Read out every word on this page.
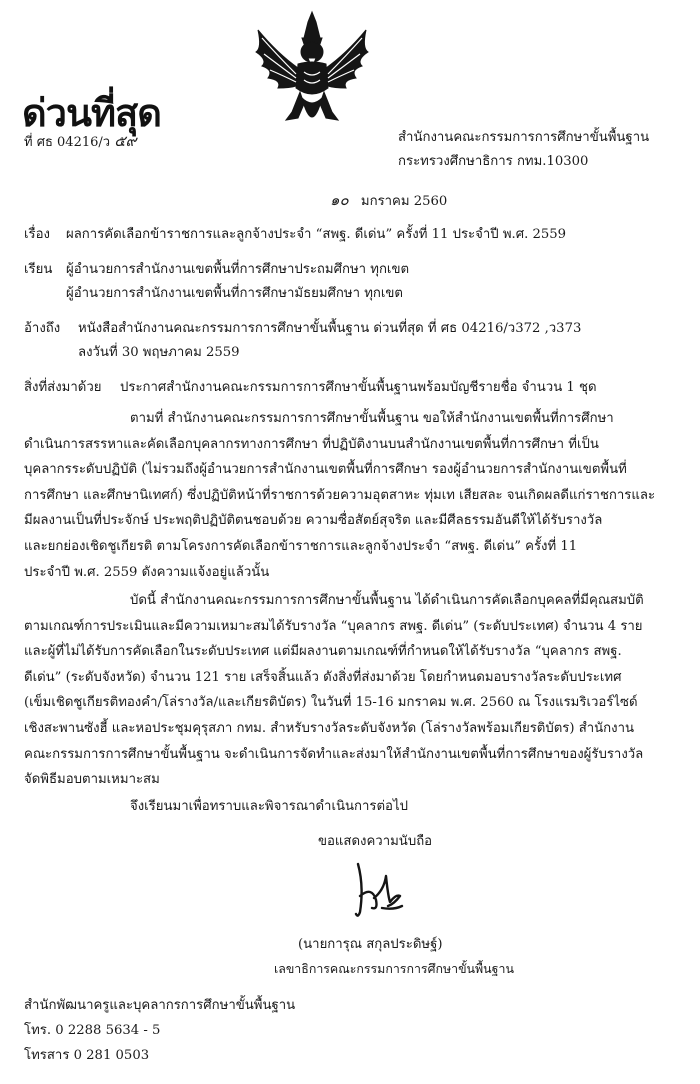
ด่วนที่สุด
ที่ ศธ 04216/ว ๕๙	สำนักงานคณะกรรมการการศึกษาขั้นพื้นฐาน
กระทรวงศึกษาธิการ กทม.10300
๑๐ มกราคม 2560
เรื่อง ผลการคัดเลือกข้าราชการและลูกจ้างประจำ “สพฐ. ดีเด่น” ครั้งที่ 11 ประจำปี พ.ศ. 2559
เรียน ผู้อำนวยการสำนักงานเขตพื้นที่การศึกษาประถมศึกษา ทุกเขต
ผู้อำนวยการสำนักงานเขตพื้นที่การศึกษามัธยมศึกษา ทุกเขต
อ้างถึง หนังสือสำนักงานคณะกรรมการการศึกษาขั้นพื้นฐาน ด่วนที่สุด ที่ ศธ 04216/ว372 ,ว373
ลงวันที่ 30 พฤษภาคม 2559
สิ่งที่ส่งมาด้วย ประกาศสำนักงานคณะกรรมการการศึกษาขั้นพื้นฐานพร้อมบัญชีรายชื่อ จำนวน 1 ชุด
ตามที่ สำนักงานคณะกรรมการการศึกษาขั้นพื้นฐาน ขอให้สำนักงานเขตพื้นที่การศึกษา
ดำเนินการสรรหาและคัดเลือกบุคลากรทางการศึกษา ที่ปฏิบัติงานบนสำนักงานเขตพื้นที่การศึกษา ที่เป็น
บุคลากรระดับปฏิบัติ (ไม่รวมถึงผู้อำนวยการสำนักงานเขตพื้นที่การศึกษา รองผู้อำนวยการสำนักงานเขตพื้นที่
การศึกษา และศึกษานิเทศก์) ซึ่งปฏิบัติหน้าที่ราชการด้วยความอุตสาหะ ทุ่มเท เสียสละ จนเกิดผลดีแก่ราชการและ
มีผลงานเป็นที่ประจักษ์ ประพฤติปฏิบัติตนชอบด้วย ความซื่อสัตย์สุจริต และมีศีลธรรมอันดีให้ได้รับรางวัล
และยกย่องเชิดชูเกียรติ ตามโครงการคัดเลือกข้าราชการและลูกจ้างประจำ “สพฐ. ดีเด่น” ครั้งที่ 11
ประจำปี พ.ศ. 2559 ดังความแจ้งอยู่แล้วนั้น
บัดนี้ สำนักงานคณะกรรมการการศึกษาขั้นพื้นฐาน ได้ดำเนินการคัดเลือกบุคคลที่มีคุณสมบัติ
ตามเกณฑ์การประเมินและมีความเหมาะสมได้รับรางวัล “บุคลากร สพฐ. ดีเด่น” (ระดับประเทศ) จำนวน 4 ราย
และผู้ที่ไม่ได้รับการคัดเลือกในระดับประเทศ แต่มีผลงานตามเกณฑ์ที่กำหนดให้ได้รับรางวัล “บุคลากร สพฐ.
ดีเด่น” (ระดับจังหวัด) จำนวน 121 ราย เสร็จสิ้นแล้ว ดังสิ่งที่ส่งมาด้วย โดยกำหนดมอบรางวัลระดับประเทศ
(เข็มเชิดชูเกียรติทองคำ/โล่รางวัล/และเกียรติบัตร) ในวันที่ 15-16 มกราคม พ.ศ. 2560 ณ โรงแรมริเวอร์ไซด์
เชิงสะพานซังฮี้ และหอประชุมคุรุสภา กทม. สำหรับรางวัลระดับจังหวัด (โล่รางวัลพร้อมเกียรติบัตร) สำนักงาน
คณะกรรมการการศึกษาขั้นพื้นฐาน จะดำเนินการจัดทำและส่งมาให้สำนักงานเขตพื้นที่การศึกษาของผู้รับรางวัล
จัดพิธีมอบตามเหมาะสม
จึงเรียนมาเพื่อทราบและพิจารณาดำเนินการต่อไป
ขอแสดงความนับถือ
(นายการุณ สกุลประดิษฐ์)
เลขาธิการคณะกรรมการการศึกษาขั้นพื้นฐาน
สำนักพัฒนาครูและบุคลากรการศึกษาขั้นพื้นฐาน
โทร. 0 2288 5634 - 5
โทรสาร 0 281 0503
